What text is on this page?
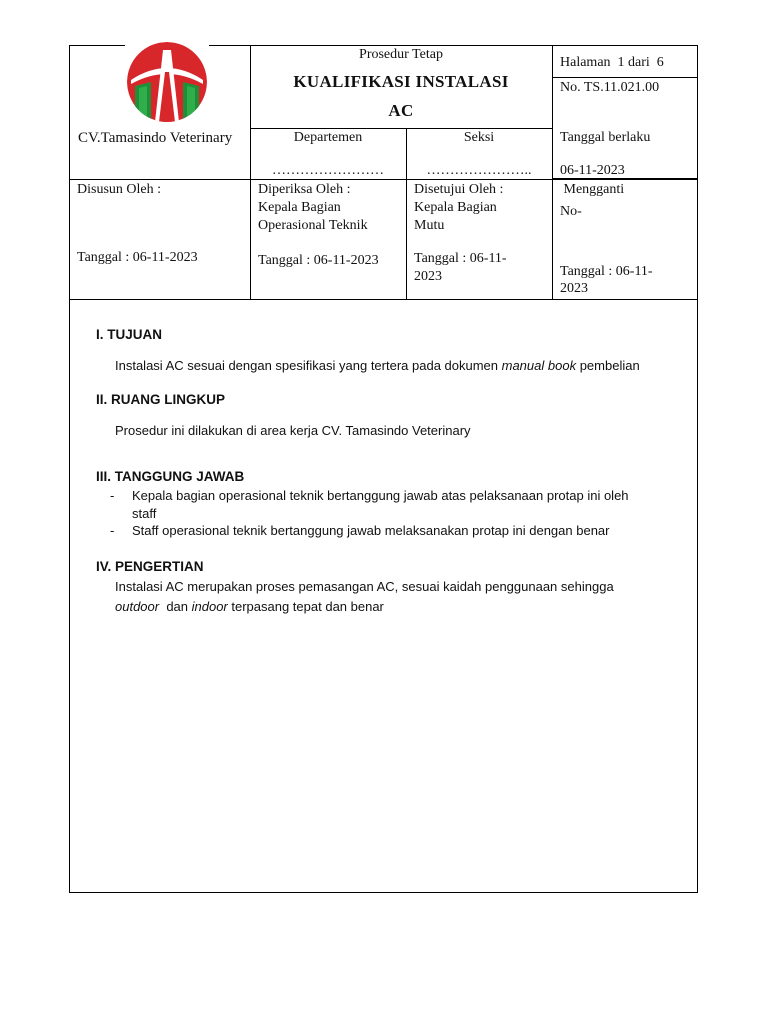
CV.Tamasindo Veterinary
Prosedur Tetap
KUALIFIKASI INSTALASI
AC
Departemen
……………………
Seksi
…………………..
Halaman  1 dari  6
No. TS.11.021.00
Tanggal berlaku
06-11-2023
Disusun Oleh :
Tanggal : 06-11-2023
Diperiksa Oleh :
Kepala Bagian
Operasional Teknik
Tanggal : 06-11-2023
Disetujui Oleh :
Kepala Bagian
Mutu
Tanggal : 06-11-
2023
Mengganti
No-
Tanggal : 06-11-
2023
I. TUJUAN
Instalasi AC sesuai dengan spesifikasi yang tertera pada dokumen manual book pembelian
II. RUANG LINGKUP
Prosedur ini dilakukan di area kerja CV. Tamasindo Veterinary
III. TANGGUNG JAWAB
- Kepala bagian operasional teknik bertanggung jawab atas pelaksanaan protap ini oleh
staff
- Staff operasional teknik bertanggung jawab melaksanakan protap ini dengan benar
IV. PENGERTIAN
Instalasi AC merupakan proses pemasangan AC, sesuai kaidah penggunaan sehingga
outdoor  dan indoor terpasang tepat dan benar
